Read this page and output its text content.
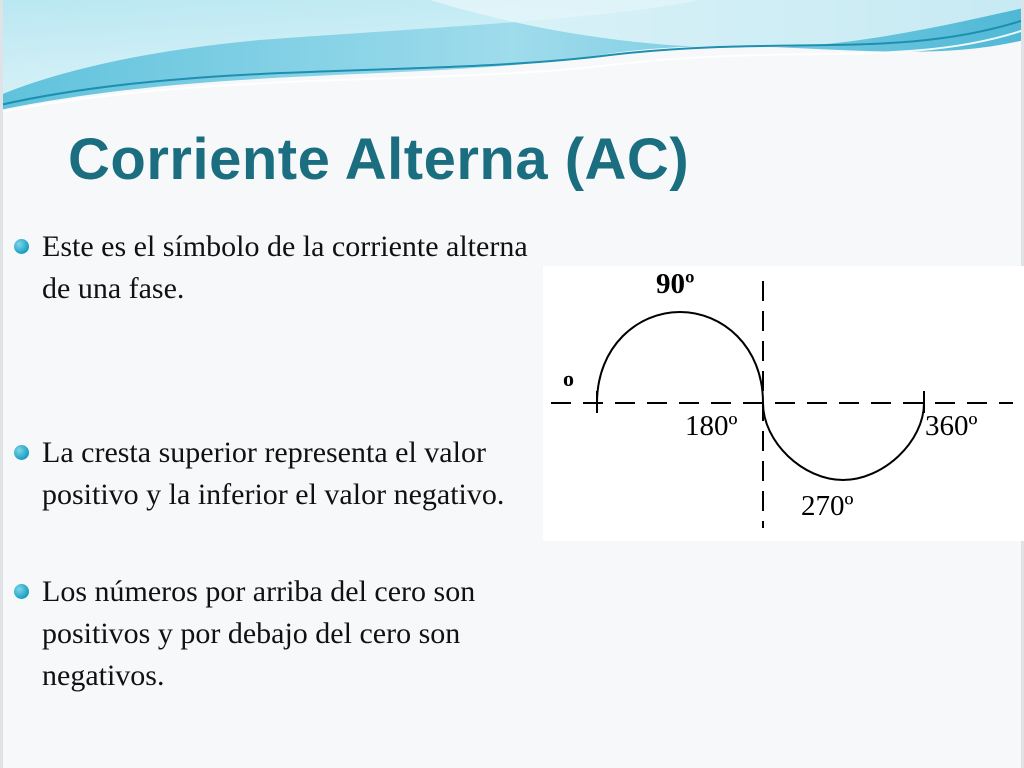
Corriente Alterna (AC)
Este es el símbolo de la corriente alterna de una fase.
La cresta superior representa el valor positivo y la inferior el valor negativo.
Los números por arriba del cero son positivos y por debajo del cero son negativos.
o
90º
180º	360º
270º
